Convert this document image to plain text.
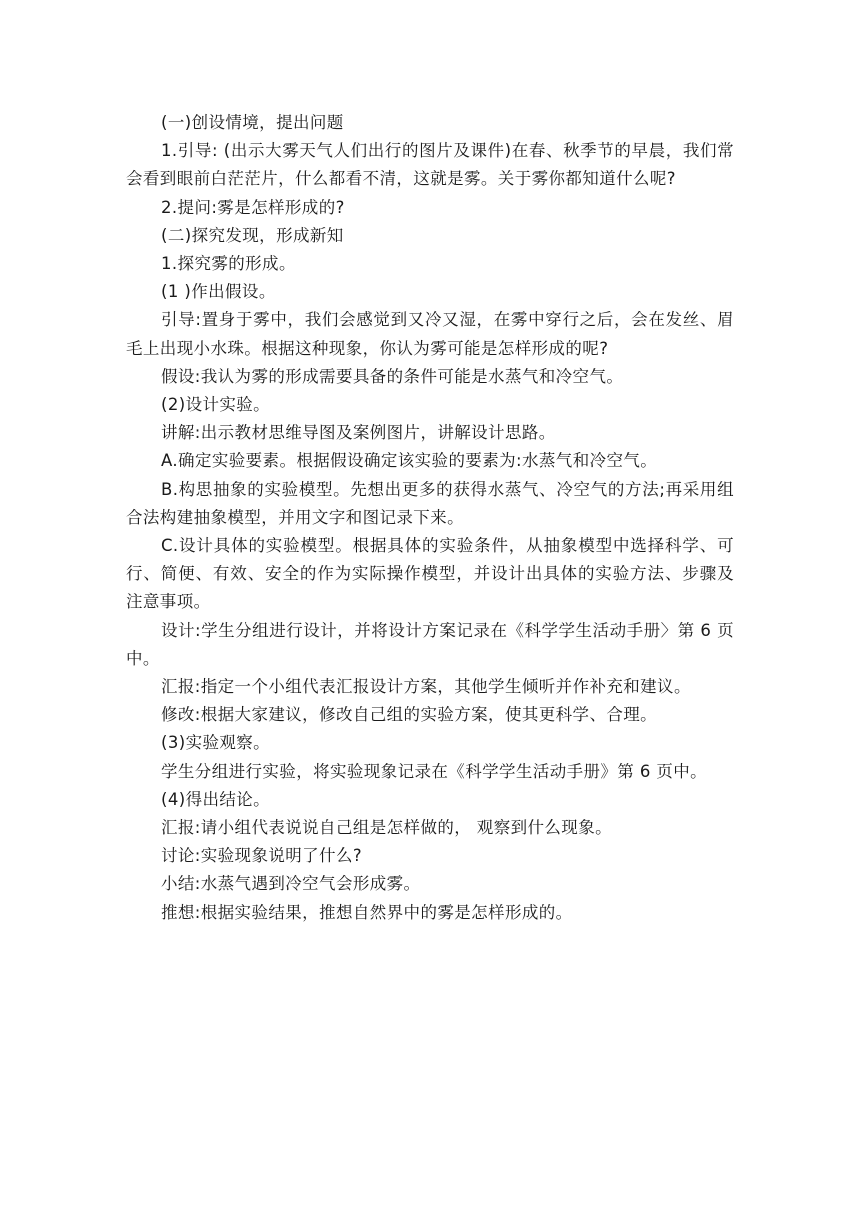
(一)创设情境，提出问题

1.引导: (出示大雾天气人们出行的图片及课件)在春、秋季节的早晨，我们常会看到眼前白茫茫片，什么都看不清，这就是雾。关于雾你都知道什么呢?

2.提问:雾是怎样形成的?

(二)探究发现，形成新知

1.探究雾的形成。

(1 )作出假设。

引导:置身于雾中，我们会感觉到又冷又湿，在雾中穿行之后，会在发丝、眉毛上出现小水珠。根据这种现象，你认为雾可能是怎样形成的呢?

假设:我认为雾的形成需要具备的条件可能是水蒸气和冷空气。

(2)设计实验。

讲解:出示教材思维导图及案例图片，讲解设计思路。

A.确定实验要素。根据假设确定该实验的要素为:水蒸气和冷空气。

B.构思抽象的实验模型。先想出更多的获得水蒸气、冷空气的方法;再采用组合法构建抽象模型，并用文字和图记录下来。

C.设计具体的实验模型。根据具体的实验条件，从抽象模型中选择科学、可行、简便、有效、安全的作为实际操作模型，并设计出具体的实验方法、步骤及注意事项。

设计:学生分组进行设计，并将设计方案记录在《科学学生活动手册〉第 6 页中。

汇报:指定一个小组代表汇报设计方案，其他学生倾听并作补充和建议。

修改:根据大家建议，修改自己组的实验方案，使其更科学、合理。

(3)实验观察。

学生分组进行实验，将实验现象记录在《科学学生活动手册》第 6 页中。

(4)得出结论。

汇报:请小组代表说说自己组是怎样做的， 观察到什么现象。

讨论:实验现象说明了什么?

小结:水蒸气遇到冷空气会形成雾。

推想:根据实验结果，推想自然界中的雾是怎样形成的。
